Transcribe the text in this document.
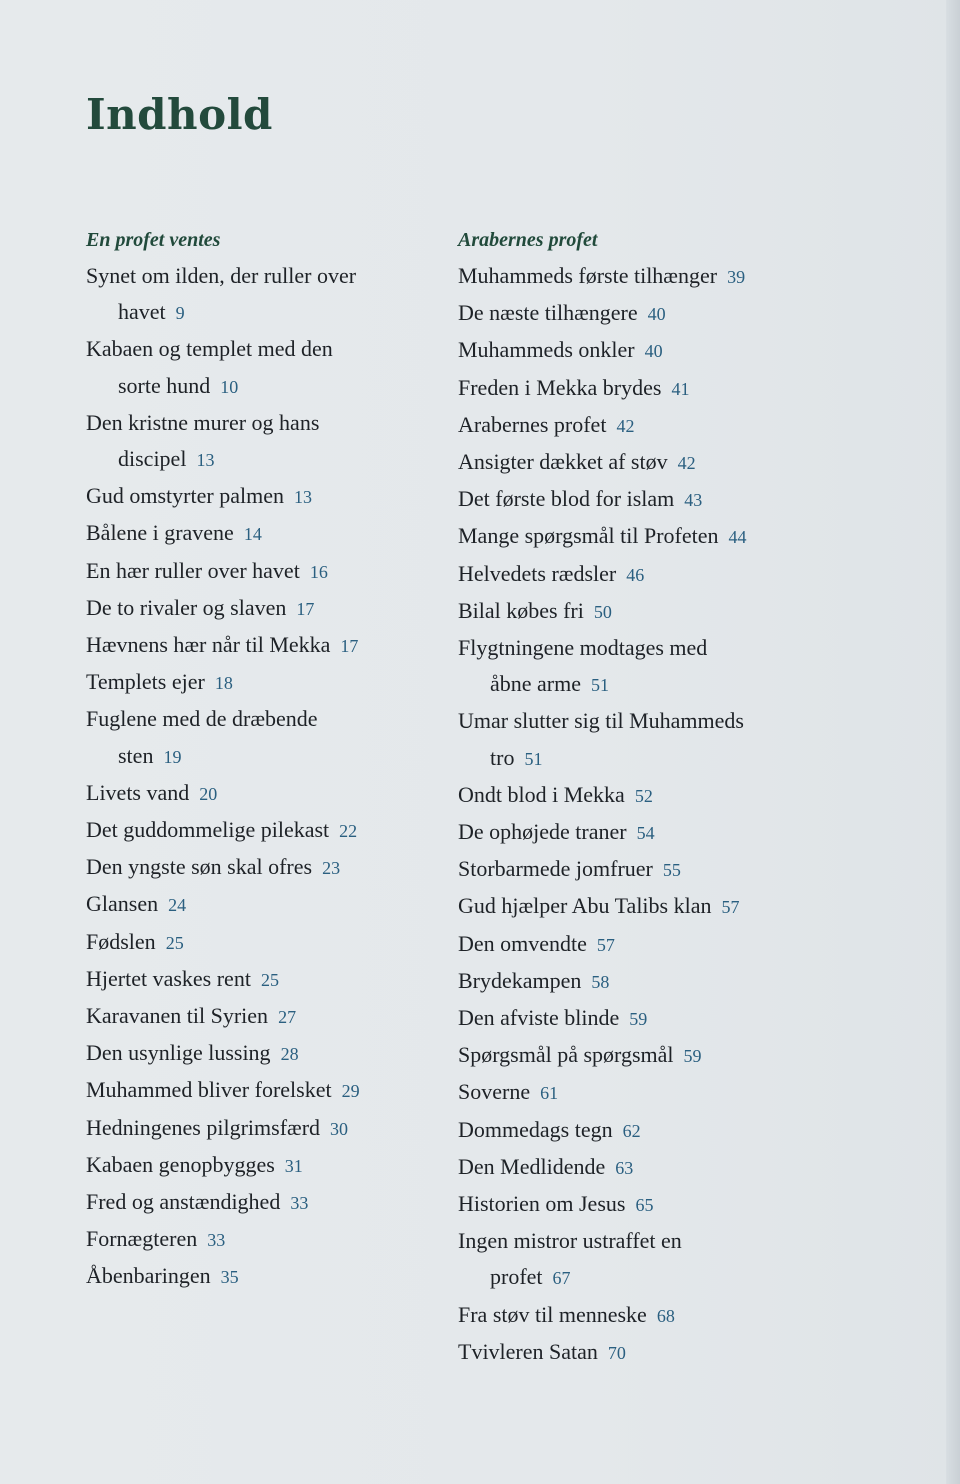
Indhold
En profet ventes
Synet om ilden, der ruller over

havet 9
Kabaen og templet med den

sorte hund 10
Den kristne murer og hans

discipel 13
Gud omstyrter palmen 13
Bålene i gravene 14
En hær ruller over havet 16
De to rivaler og slaven 17
Hævnens hær når til Mekka 17
Templets ejer 18
Fuglene med de dræbende

sten 19
Livets vand 20
Det guddommelige pilekast 22
Den yngste søn skal ofres 23
Glansen 24
Fødslen 25
Hjertet vaskes rent 25
Karavanen til Syrien 27
Den usynlige lussing 28
Muhammed bliver forelsket 29
Hedningenes pilgrimsfærd 30
Kabaen genopbygges 31
Fred og anstændighed 33
Fornægteren 33
Åbenbaringen 35
Arabernes profet
Muhammeds første tilhænger 39
De næste tilhængere 40
Muhammeds onkler 40
Freden i Mekka brydes 41
Arabernes profet 42
Ansigter dækket af støv 42
Det første blod for islam 43
Mange spørgsmål til Profeten 44
Helvedets rædsler 46
Bilal købes fri 50
Flygtningene modtages med

åbne arme 51
Umar slutter sig til Muhammeds

tro 51
Ondt blod i Mekka 52
De ophøjede traner 54
Storbarmede jomfruer 55
Gud hjælper Abu Talibs klan 57
Den omvendte 57
Brydekampen 58
Den afviste blinde 59
Spørgsmål på spørgsmål 59
Soverne 61
Dommedags tegn 62
Den Medlidende 63
Historien om Jesus 65
Ingen mistror ustraffet en

profet 67
Fra støv til menneske 68
Tvivleren Satan 70
